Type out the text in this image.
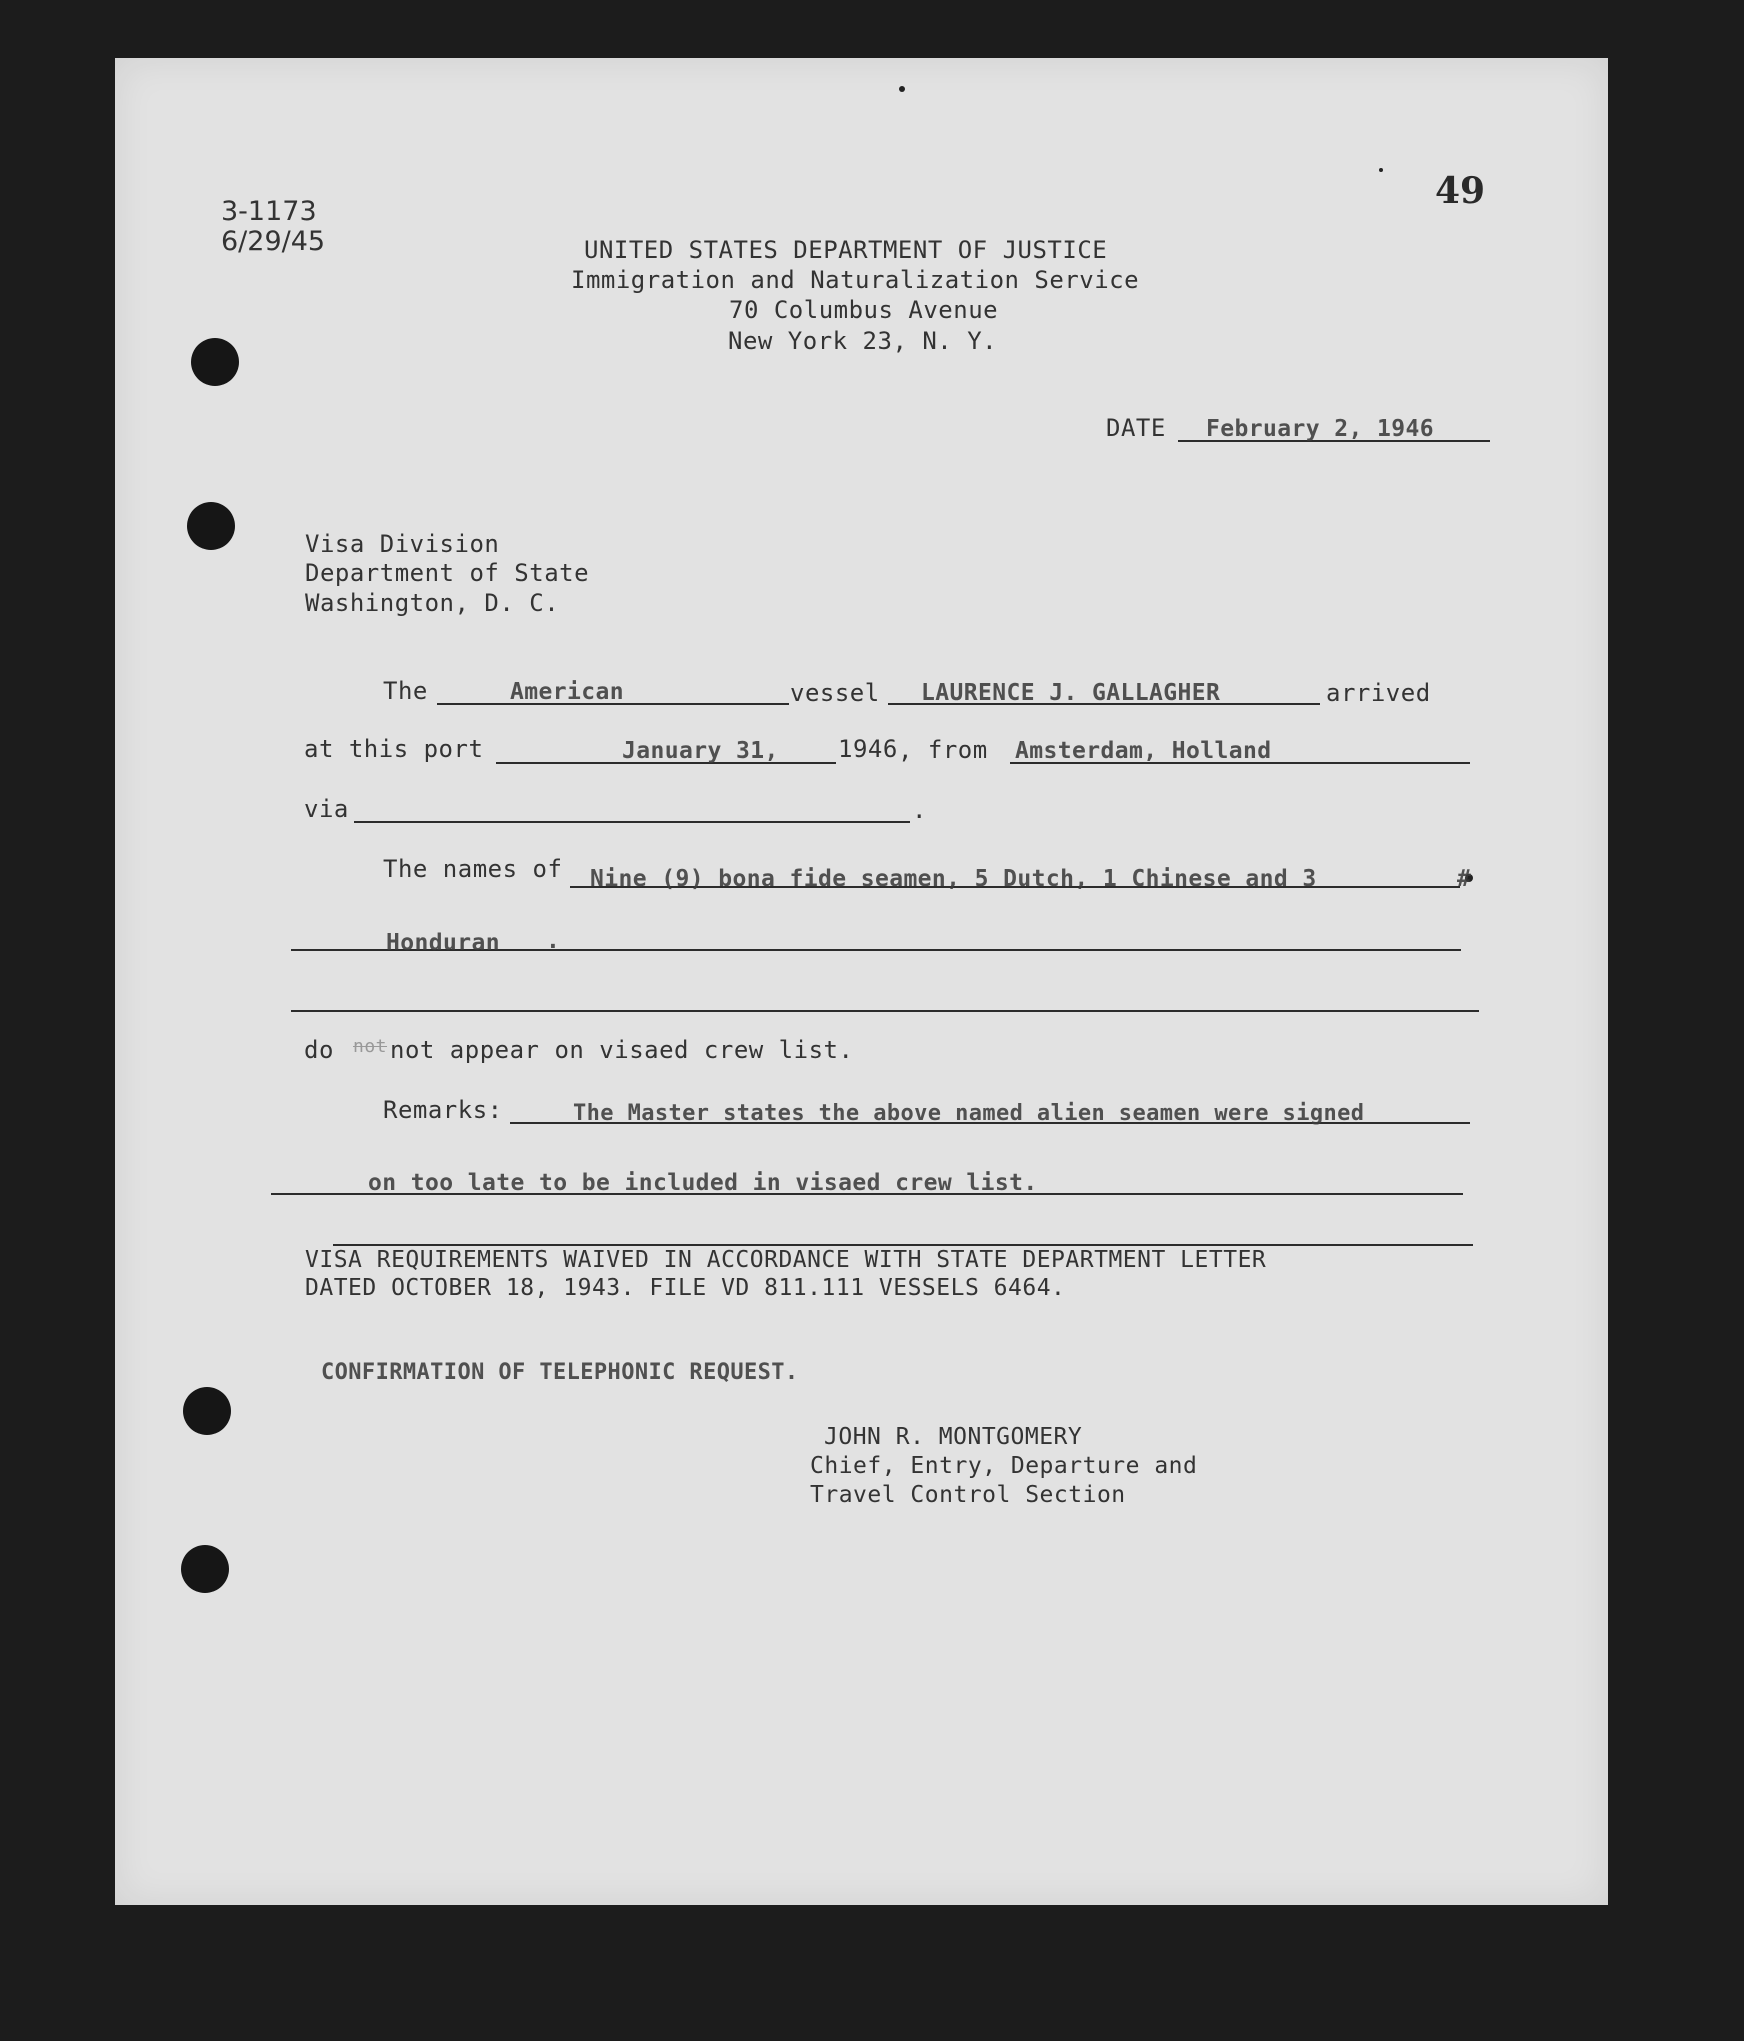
3-1173
6/29/45
49
UNITED STATES DEPARTMENT OF JUSTICE
Immigration and Naturalization Service
70 Columbus Avenue
New York 23, N. Y.
DATE February 2, 1946
Visa Division
Department of State
Washington, D. C.
The	American	vessel LAURENCE J. GALLAGHER	arrived
at this port	January 31, 1946 , from Amsterdam, Holland
via	.
The names of Nine (9) bona fide seamen, 5 Dutch, 1 Chinese and 3	#
Honduran .
do not not appear on visaed crew list.
Remarks:	The Master states the above named alien seamen were signed
on too late to be included in visaed crew list.
VISA REQUIREMENTS WAIVED IN ACCORDANCE WITH STATE DEPARTMENT LETTER
DATED OCTOBER 18, 1943. FILE VD 811.111 VESSELS 6464.
CONFIRMATION OF TELEPHONIC REQUEST.
JOHN R. MONTGOMERY
Chief, Entry, Departure and
Travel Control Section
